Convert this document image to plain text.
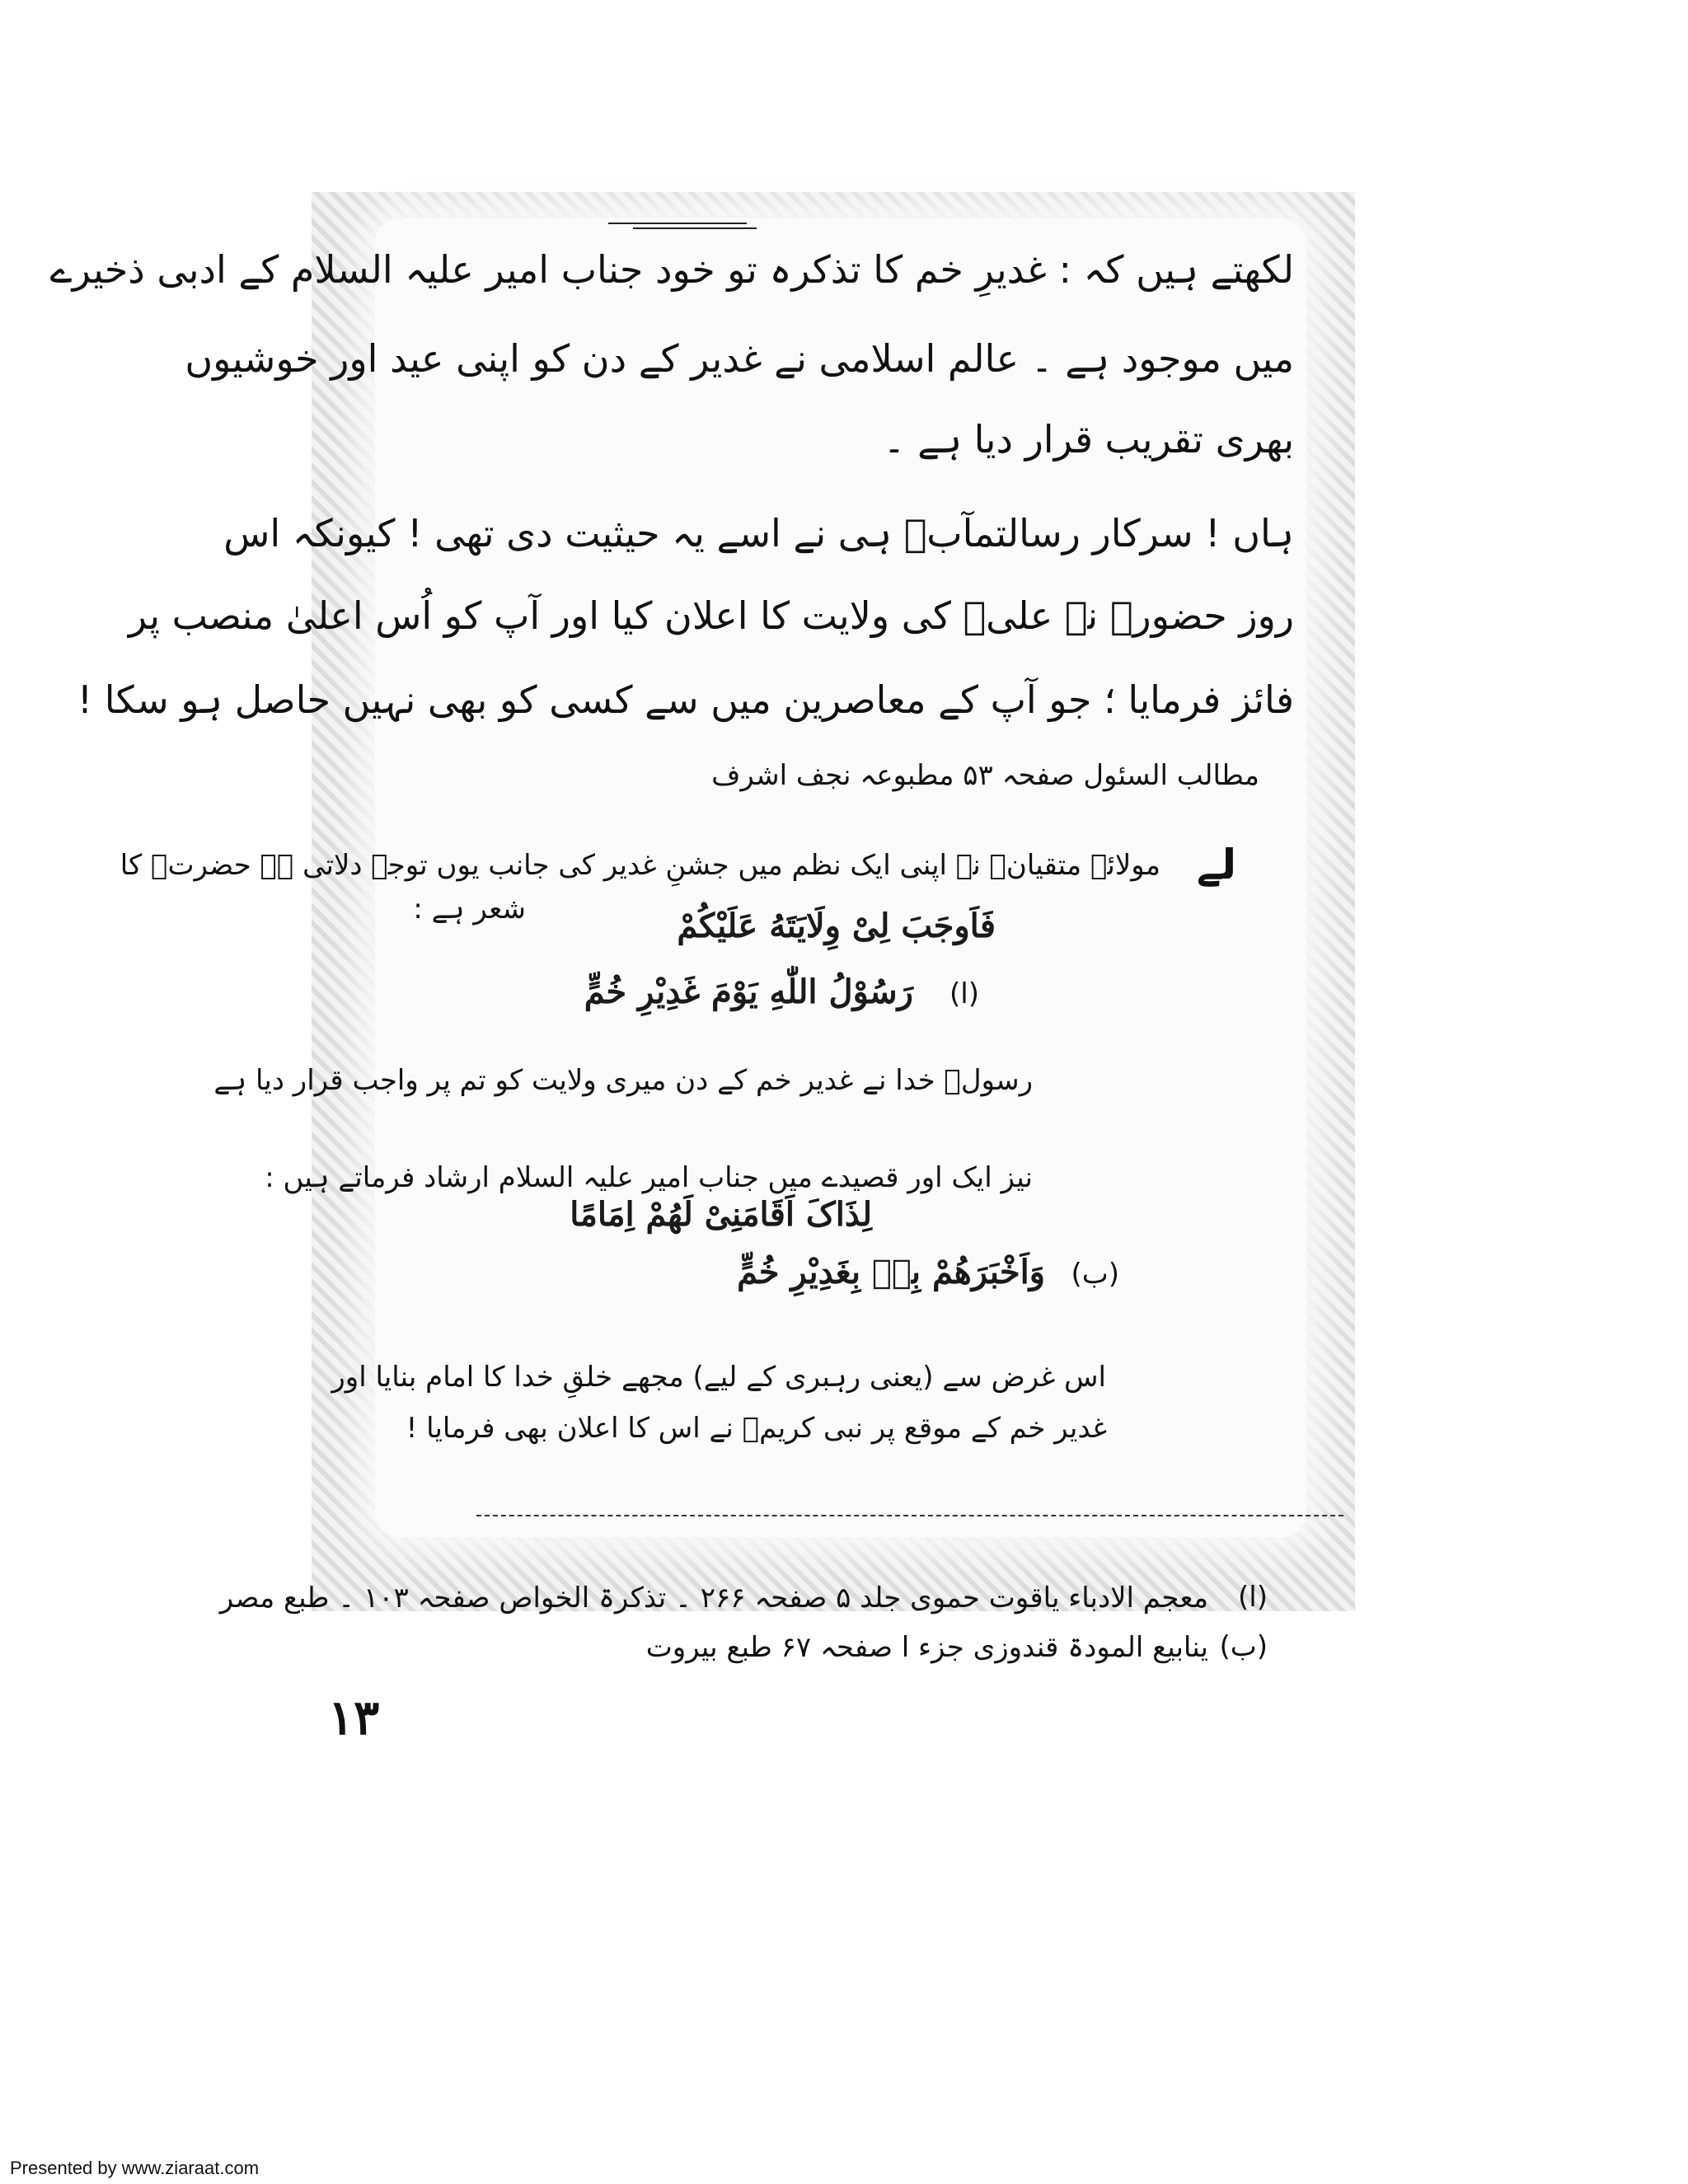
لکھتے ہیں کہ : غدیرِ خم کا تذکرہ تو خود جناب امیر علیہ السلام کے ادبی ذخیرے
میں موجود ہے ۔ عالم اسلامی نے غدیر کے دن کو اپنی عید اور خوشیوں
بھری تقریب قرار دیا ہے ۔
ہاں ! سرکار رسالتمآبؐ ہی نے اسے یہ حیثیت دی تھی ! کیونکہ اس
روز حضورؐ نے علیؑ کی ولایت کا اعلان کیا اور آپ کو اُس اعلیٰ منصب پر
فائز فرمایا ؛ جو آپ کے معاصرین میں سے کسی کو بھی نہیں حاصل ہو سکا !
مطالب السئول صفحہ ۵۳ مطبوعہ نجف اشرف
لے
مولائے متقیانؑ نے اپنی ایک نظم میں جشنِ غدیر کی جانب یوں توجہ دلاتی ہے حضرتؑ کا
شعر ہے :	فَاَوجَبَ لِیْ وِلَایَتَهُ عَلَیْکُمْ
رَسُوْلُ اللّٰهِ یَوْمَ غَدِیْرِ خُمٍّ (ا)
رسولؐ خدا نے غدیر خم کے دن میری ولایت کو تم پر واجب قرار دیا ہے
نیز ایک اور قصیدے میں جناب امیر علیہ السلام ارشاد فرماتے ہیں :
لِذَاکَ اَقَامَنِیْ لَهُمْ اِمَامًا
وَاَخْبَرَهُمْ بِهٖ بِغَدِیْرِ خُمٍّ (ب)
اس غرض سے (یعنی رہبری کے لیے) مجھے خلقِ خدا کا امام بنایا اور
غدیر خم کے موقع پر نبی کریمؐ نے اس کا اعلان بھی فرمایا !
(ا)
معجم الادباء یاقوت حموی جلد ۵ صفحہ ۲۶۶ ۔ تذکرۃ الخواص صفحہ ۱۰۳ ۔ طبع مصر
(ب)
ینابیع المودۃ قندوزی جزء ا صفحہ ۶۷ طبع بیروت
۱۳
Presented by www.ziaraat.com
